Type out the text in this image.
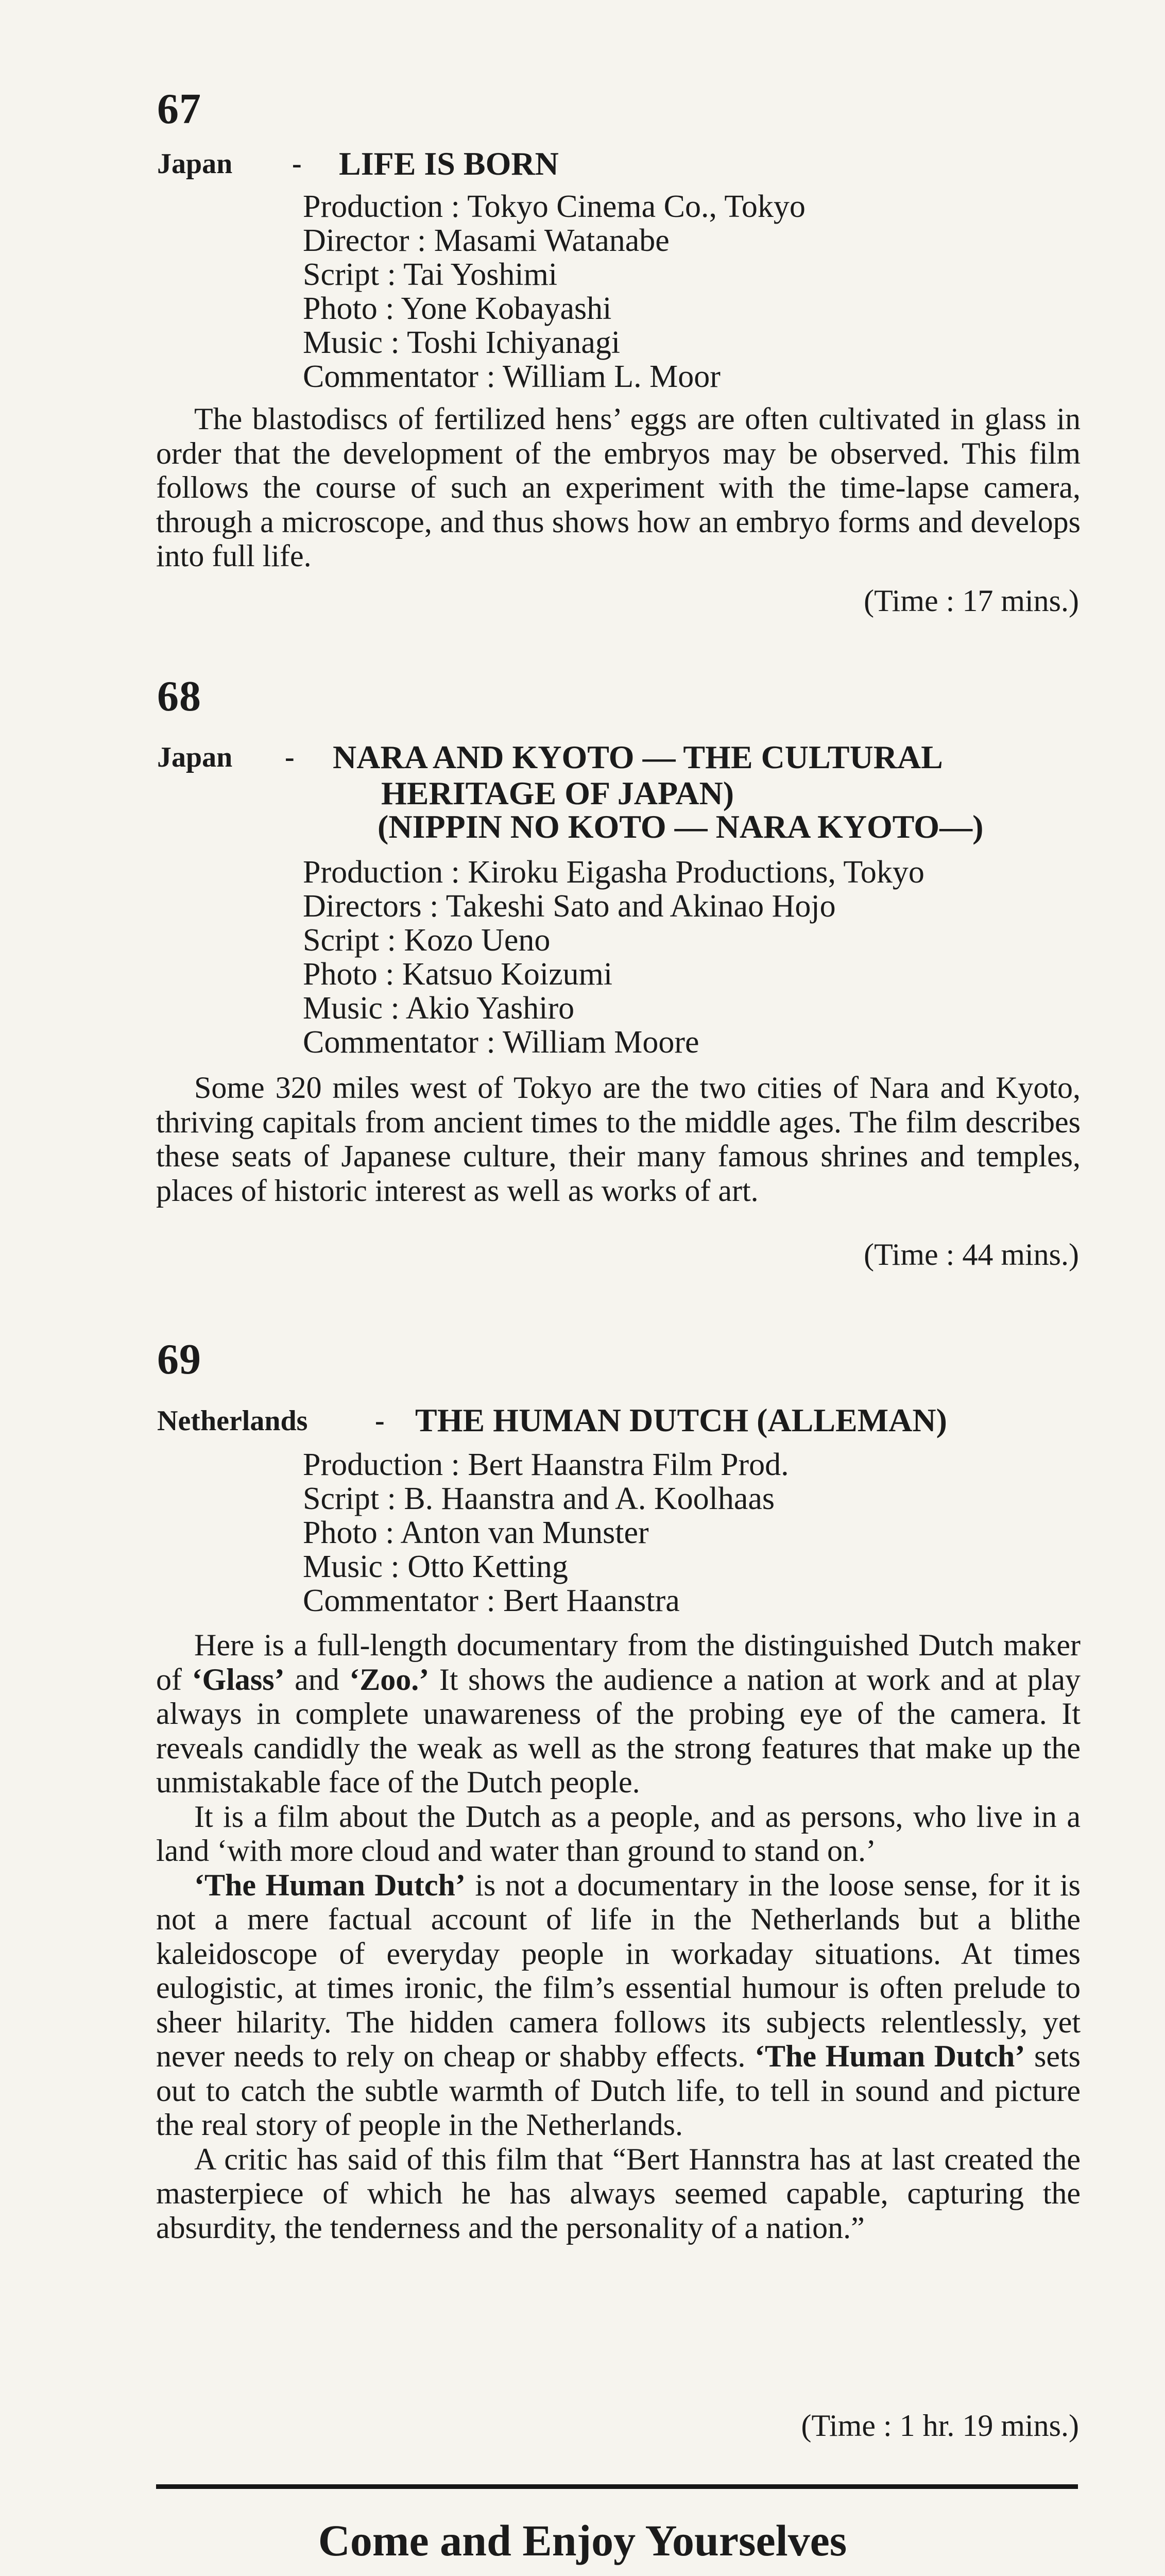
67
Japan - LIFE IS BORN
Production : Tokyo Cinema Co., Tokyo
Director : Masami Watanabe
Script : Tai Yoshimi
Photo : Yone Kobayashi
Music : Toshi Ichiyanagi
Commentator : William L. Moor

The blastodiscs of fertilized hens’ eggs are often cultivated in glass in order that the development of the embryos may be observed. This film follows the course of such an experiment with the time-lapse camera, through a microscope, and thus shows how an embryo forms and develops into full life.

(Time : 17 mins.)
68
Japan - NARA AND KYOTO — THE CULTURAL
HERITAGE OF JAPAN)
(NIPPIN NO KOTO — NARA KYOTO—)
Production : Kiroku Eigasha Productions, Tokyo
Directors : Takeshi Sato and Akinao Hojo
Script : Kozo Ueno
Photo : Katsuo Koizumi
Music : Akio Yashiro
Commentator : William Moore

Some 320 miles west of Tokyo are the two cities of Nara and Kyoto, thriving capitals from ancient times to the middle ages. The film describes these seats of Japanese culture, their many famous shrines and temples, places of historic interest as well as works of art.

(Time : 44 mins.)
69
Netherlands - THE HUMAN DUTCH (ALLEMAN)
Production : Bert Haanstra Film Prod.
Script : B. Haanstra and A. Koolhaas
Photo : Anton van Munster
Music : Otto Ketting
Commentator : Bert Haanstra

Here is a full-length documentary from the distinguished Dutch maker of ‘Glass’ and ‘Zoo.’ It shows the audience a nation at work and at play always in complete unawareness of the probing eye of the camera. It reveals candidly the weak as well as the strong features that make up the unmistakable face of the Dutch people.

It is a film about the Dutch as a people, and as persons, who live in a land ‘with more cloud and water than ground to stand on.’

‘The Human Dutch’ is not a documentary in the loose sense, for it is not a mere factual account of life in the Netherlands but a blithe kaleidoscope of everyday people in workaday situations. At times eulogistic, at times ironic, the film’s essential humour is often prelude to sheer hilarity. The hidden camera follows its subjects relentlessly, yet never needs to rely on cheap or shabby effects. ‘The Human Dutch’ sets out to catch the subtle warmth of Dutch life, to tell in sound and picture the real story of people in the Netherlands.

A critic has said of this film that “Bert Hannstra has at last created the masterpiece of which he has always seemed capable, capturing the absurdity, the tenderness and the personality of a nation.”

(Time : 1 hr. 19 mins.)
Come and Enjoy Yourselves
